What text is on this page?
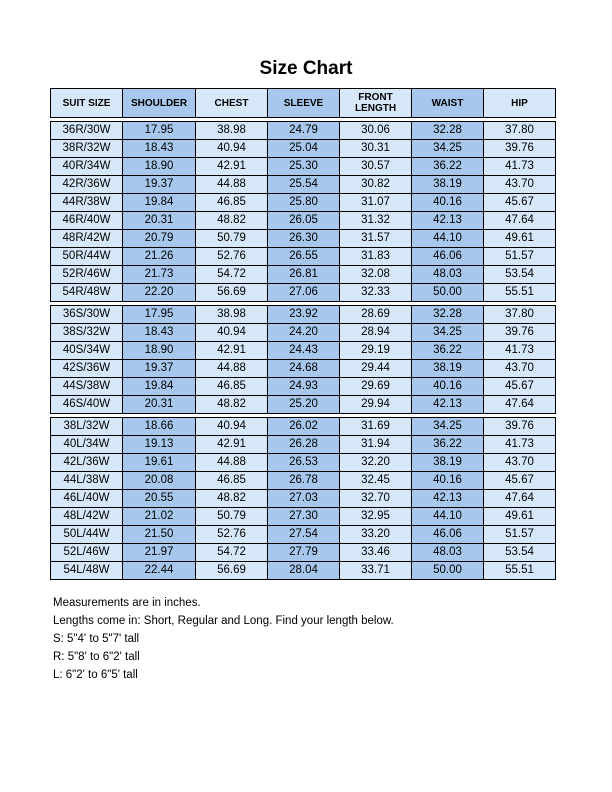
Size Chart
SUIT SIZE	SHOULDER	CHEST	SLEEVE	FRONT LENGTH	WAIST	HIP

36R/30W	17.95	38.98	24.79	30.06	32.28	37.80
38R/32W	18.43	40.94	25.04	30.31	34.25	39.76
40R/34W	18.90	42.91	25.30	30.57	36.22	41.73
42R/36W	19.37	44.88	25.54	30.82	38.19	43.70
44R/38W	19.84	46.85	25.80	31.07	40.16	45.67
46R/40W	20.31	48.82	26.05	31.32	42.13	47.64
48R/42W	20.79	50.79	26.30	31.57	44.10	49.61
50R/44W	21.26	52.76	26.55	31.83	46.06	51.57
52R/46W	21.73	54.72	26.81	32.08	48.03	53.54
54R/48W	22.20	56.69	27.06	32.33	50.00	55.51

36S/30W	17.95	38.98	23.92	28.69	32.28	37.80
38S/32W	18.43	40.94	24.20	28.94	34.25	39.76
40S/34W	18.90	42.91	24.43	29.19	36.22	41.73
42S/36W	19.37	44.88	24.68	29.44	38.19	43.70
44S/38W	19.84	46.85	24.93	29.69	40.16	45.67
46S/40W	20.31	48.82	25.20	29.94	42.13	47.64

38L/32W	18.66	40.94	26.02	31.69	34.25	39.76
40L/34W	19.13	42.91	26.28	31.94	36.22	41.73
42L/36W	19.61	44.88	26.53	32.20	38.19	43.70
44L/38W	20.08	46.85	26.78	32.45	40.16	45.67
46L/40W	20.55	48.82	27.03	32.70	42.13	47.64
48L/42W	21.02	50.79	27.30	32.95	44.10	49.61
50L/44W	21.50	52.76	27.54	33.20	46.06	51.57
52L/46W	21.97	54.72	27.79	33.46	48.03	53.54
54L/48W	22.44	56.69	28.04	33.71	50.00	55.51
Measurements are in inches.
Lengths come in: Short, Regular and Long. Find your length below.
S: 5"4' to 5"7' tall
R: 5"8' to 6"2' tall
L: 6"2' to 6"5' tall
